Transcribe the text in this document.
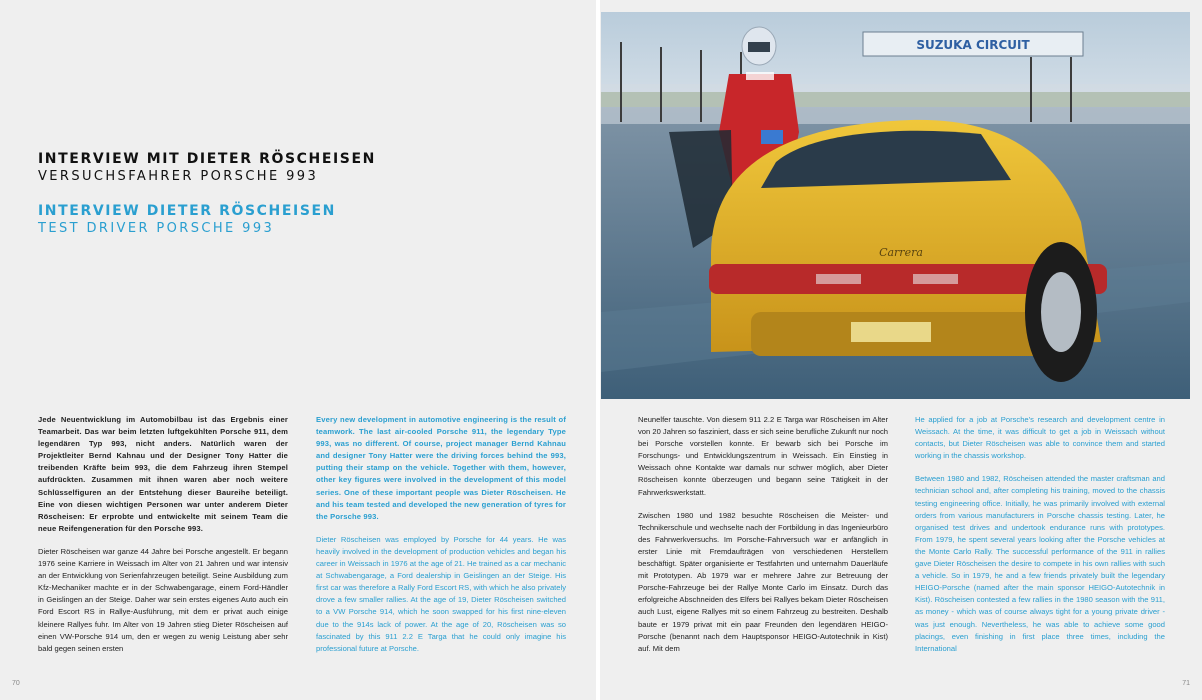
INTERVIEW MIT DIETER RÖSCHEISEN
VERSUCHSFAHRER PORSCHE 993
INTERVIEW DIETER RÖSCHEISEN
TEST DRIVER PORSCHE 993

Jede Neuentwicklung im Automobilbau ist das Ergebnis einer Teamarbeit. Das war beim letzten luftgekühlten Porsche 911, dem legendären Typ 993, nicht anders. Natürlich waren der Projektleiter Bernd Kahnau und der Designer Tony Hatter die treibenden Kräfte beim 993, die dem Fahrzeug ihren Stempel aufdrückten. Zusammen mit ihnen waren aber noch weitere Schlüsselfiguren an der Entstehung dieser Baureihe beteiligt. Eine von diesen wichtigen Personen war unter anderem Dieter Röscheisen: Er erprobte und entwickelte mit seinem Team die neue Reifengeneration für den Porsche 993.

Dieter Röscheisen war ganze 44 Jahre bei Porsche angestellt. Er begann 1976 seine Karriere in Weissach im Alter von 21 Jahren und war intensiv an der Entwicklung von Serienfahrzeugen beteiligt. Seine Ausbildung zum Kfz-Mechaniker machte er in der Schwabengarage, einem Ford-Händler in Geislingen an der Steige. Daher war sein erstes eigenes Auto auch ein Ford Escort RS in Rallye-Ausführung, mit dem er privat auch einige kleinere Rallyes fuhr. Im Alter von 19 Jahren stieg Dieter Röscheisen auf einen VW-Porsche 914 um, den er wegen zu wenig Leistung aber sehr bald gegen seinen ersten

Every new development in automotive engineering is the result of teamwork. The last air-cooled Porsche 911, the legendary Type 993, was no different. Of course, project manager Bernd Kahnau and designer Tony Hatter were the driving forces behind the 993, putting their stamp on the vehicle. Together with them, however, other key figures were involved in the development of this model series. One of these important people was Dieter Röscheisen. He and his team tested and developed the new generation of tyres for the Porsche 993.

Dieter Röscheisen was employed by Porsche for 44 years. He was heavily involved in the development of production vehicles and began his career in Weissach in 1976 at the age of 21. He trained as a car mechanic at Schwabengarage, a Ford dealership in Geislingen an der Steige. His first car was therefore a Rally Ford Escort RS, with which he also privately drove a few smaller rallies. At the age of 19, Dieter Röscheisen switched to a VW Porsche 914, which he soon swapped for his first nine-eleven due to the 914s lack of power. At the age of 20, Röscheisen was so fascinated by this 911 2.2 E Targa that he could only imagine his professional future at Porsche.

Neunelfer tauschte. Von diesem 911 2.2 E Targa war Röscheisen im Alter von 20 Jahren so fasziniert, dass er sich seine berufliche Zukunft nur noch bei Porsche vorstellen konnte. Er bewarb sich bei Porsche im Forschungs- und Entwicklungszentrum in Weissach. Ein Einstieg in Weissach ohne Kontakte war damals nur schwer möglich, aber Dieter Röscheisen konnte überzeugen und begann seine Tätigkeit in der Fahrwerkswerkstatt.

Zwischen 1980 und 1982 besuchte Röscheisen die Meister- und Technikerschule und wechselte nach der Fortbildung in das Ingenieurbüro des Fahrwerkversuchs. Im Porsche-Fahrversuch war er anfänglich in erster Linie mit Fremdaufträgen von verschiedenen Herstellern beschäftigt. Später organisierte er Testfahrten und unternahm Dauerläufe mit Prototypen. Ab 1979 war er mehrere Jahre zur Betreuung der Porsche-Fahrzeuge bei der Rallye Monte Carlo im Einsatz. Durch das erfolgreiche Abschneiden des Elfers bei Rallyes bekam Dieter Röscheisen auch Lust, eigene Rallyes mit so einem Fahrzeug zu bestreiten. Deshalb baute er 1979 privat mit ein paar Freunden den legendären HEIGO-Porsche (benannt nach dem Hauptsponsor HEIGO-Autotechnik in Kist) auf. Mit dem

He applied for a job at Porsche's research and development centre in Weissach. At the time, it was difficult to get a job in Weissach without contacts, but Dieter Röscheisen was able to convince them and started working in the chassis workshop.

Between 1980 and 1982, Röscheisen attended the master craftsman and technician school and, after completing his training, moved to the chassis testing engineering office. Initially, he was primarily involved with external orders from various manufacturers in Porsche chassis testing. Later, he organised test drives and undertook endurance runs with prototypes. From 1979, he spent several years looking after the Porsche vehicles at the Monte Carlo Rally. The successful performance of the 911 in rallies gave Dieter Röscheisen the desire to compete in his own rallies with such a vehicle. So in 1979, he and a few friends privately built the legendary HEIGO-Porsche (named after the main sponsor HEIGO-Autotechnik in Kist). Röscheisen contested a few rallies in the 1980 season with the 911, as money - which was of course always tight for a young private driver - was just enough. Nevertheless, he was able to achieve some good placings, even finishing in first place three times, including the International

SUZUKA CIRCUIT
Carrera
70	71
